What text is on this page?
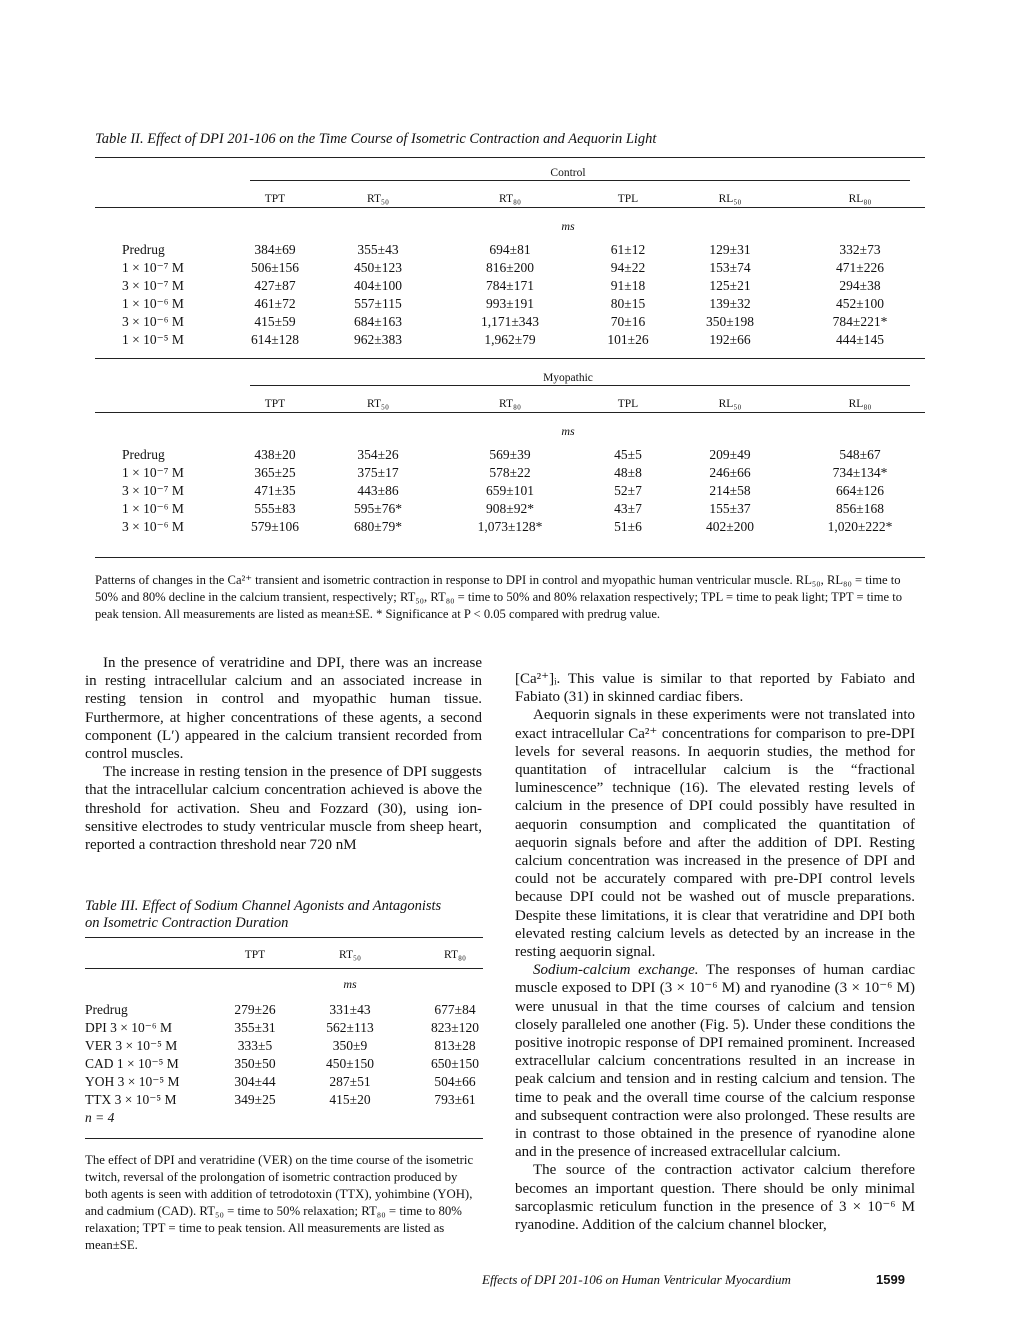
Table II. Effect of DPI 201-106 on the Time Course of Isometric Contraction and Aequorin Light
Control
TPT	RT₅₀	RT₈₀	TPL	RL₅₀	RL₈₀
ms
Predrug	384±69	355±43	694±81	61±12	129±31	332±73
1 × 10⁻⁷ M	506±156	450±123	816±200	94±22	153±74	471±226
3 × 10⁻⁷ M	427±87	404±100	784±171	91±18	125±21	294±38
1 × 10⁻⁶ M	461±72	557±115	993±191	80±15	139±32	452±100
3 × 10⁻⁶ M	415±59	684±163	1,171±343	70±16	350±198	784±221*
1 × 10⁻⁵ M	614±128	962±383	1,962±79	101±26	192±66	444±145
Myopathic
TPT	RT₅₀	RT₈₀	TPL	RL₅₀	RL₈₀
ms
Predrug	438±20	354±26	569±39	45±5	209±49	548±67
1 × 10⁻⁷ M	365±25	375±17	578±22	48±8	246±66	734±134*
3 × 10⁻⁷ M	471±35	443±86	659±101	52±7	214±58	664±126
1 × 10⁻⁶ M	555±83	595±76*	908±92*	43±7	155±37	856±168
3 × 10⁻⁶ M	579±106	680±79*	1,073±128*	51±6	402±200	1,020±222*
Patterns of changes in the Ca²⁺ transient and isometric contraction in response to DPI in control and myopathic human ventricular muscle. RL₅₀, RL₈₀ = time to 50% and 80% decline in the calcium transient, respectively; RT₅₀, RT₈₀ = time to 50% and 80% relaxation respectively; TPL = time to peak light; TPT = time to peak tension. All measurements are listed as mean±SE. * Significance at P < 0.05 compared with predrug value.

In the presence of veratridine and DPI, there was an increase in resting intracellular calcium and an associated increase in resting tension in control and myopathic human tissue. Furthermore, at higher concentrations of these agents, a second component (L′) appeared in the calcium transient recorded from control muscles.

The increase in resting tension in the presence of DPI suggests that the intracellular calcium concentration achieved is above the threshold for activation. Sheu and Fozzard (30), using ion-sensitive electrodes to study ventricular muscle from sheep heart, reported a contraction threshold near 720 nM

Table III. Effect of Sodium Channel Agonists and Antagonists
on Isometric Contraction Duration
TPT	RT₅₀	RT₈₀
ms
Predrug	279±26	331±43	677±84
DPI 3 × 10⁻⁶ M	355±31	562±113	823±120
VER 3 × 10⁻⁵ M	333±5	350±9	813±28
CAD 1 × 10⁻⁵ M	350±50	450±150	650±150
YOH 3 × 10⁻⁵ M	304±44	287±51	504±66
TTX 3 × 10⁻⁵ M	349±25	415±20	793±61
n = 4
The effect of DPI and veratridine (VER) on the time course of the isometric twitch, reversal of the prolongation of isometric contraction produced by both agents is seen with addition of tetrodotoxin (TTX), yohimbine (YOH), and cadmium (CAD). RT₅₀ = time to 50% relaxation; RT₈₀ = time to 80% relaxation; TPT = time to peak tension. All measurements are listed as mean±SE.

[Ca²⁺]ᵢ. This value is similar to that reported by Fabiato and Fabiato (31) in skinned cardiac fibers.

Aequorin signals in these experiments were not translated into exact intracellular Ca²⁺ concentrations for comparison to pre-DPI levels for several reasons. In aequorin studies, the method for quantitation of intracellular calcium is the “fractional luminescence” technique (16). The elevated resting levels of calcium in the presence of DPI could possibly have resulted in aequorin consumption and complicated the quantitation of aequorin signals before and after the addition of DPI. Resting calcium concentration was increased in the presence of DPI and could not be accurately compared with pre-DPI control levels because DPI could not be washed out of muscle preparations. Despite these limitations, it is clear that veratridine and DPI both elevated resting calcium levels as detected by an increase in the resting aequorin signal.

Sodium-calcium exchange. The responses of human cardiac muscle exposed to DPI (3 × 10⁻⁶ M) and ryanodine (3 × 10⁻⁶ M) were unusual in that the time courses of calcium and tension closely paralleled one another (Fig. 5). Under these conditions the positive inotropic response of DPI remained prominent. Increased extracellular calcium concentrations resulted in an increase in peak calcium and tension and in resting calcium and tension. The time to peak and the overall time course of the calcium response and subsequent contraction were also prolonged. These results are in contrast to those obtained in the presence of ryanodine alone and in the presence of increased extracellular calcium.

The source of the contraction activator calcium therefore becomes an important question. There should be only minimal sarcoplasmic reticulum function in the presence of 3 × 10⁻⁶ M ryanodine. Addition of the calcium channel blocker,

Effects of DPI 201-106 on Human Ventricular Myocardium	1599
